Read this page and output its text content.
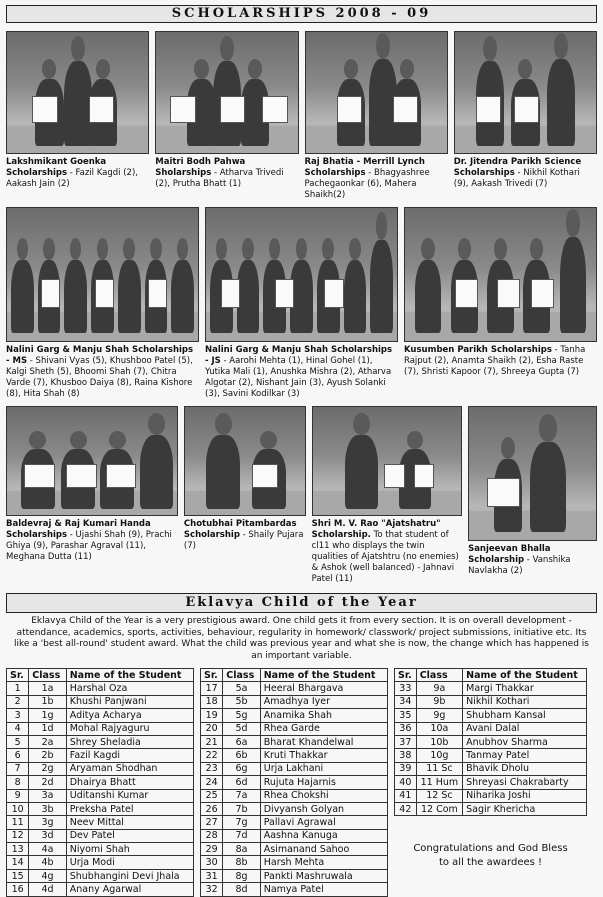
SCHOLARSHIPS 2008 - 09
Lakshmikant Goenka Scholarships - Fazil Kagdi (2), Aakash Jain (2)
Maitri Bodh Pahwa Sholarships - Atharva Trivedi (2), Prutha Bhatt (1)
Raj Bhatia - Merrill Lynch Scholarships - Bhagyashree Pachegaonkar (6), Mahera Shaikh(2)
Dr. Jitendra Parikh Science Scholarships - Nikhil Kothari (9), Aakash Trivedi (7)
Nalini Garg & Manju Shah Scholarships - MS - Shivani Vyas (5), Khushboo Patel (5), Kalgi Sheth (5), Bhoomi Shah (7), Chitra Varde (7), Khusboo Daiya (8), Raina Kishore (8), Hita Shah (8)
Nalini Garg & Manju Shah Scholarships - JS - Aarohi Mehta (1), Hinal Gohel (1), Yutika Mali (1), Anushka Mishra (2), Atharva Algotar (2), Nishant Jain (3), Ayush Solanki (3), Savini Kodilkar (3)
Kusumben Parikh Scholarships - Tanha Rajput (2), Anamta Shaikh (2), Esha Raste (7), Shristi Kapoor (7), Shreeya Gupta (7)
Baldevraj & Raj Kumari Handa Scholarships - Ujashi Shah (9), Prachi Ghiya (9), Parashar Agraval (11), Meghana Dutta (11)
Chotubhai Pitambardas Scholarship - Shaily Pujara (7)
Shri M. V. Rao "Ajatshatru" Scholarship. To that student of cl11 who displays the twin qualities of Ajatshtru (no enemies) & Ashok (well balanced) - Jahnavi Patel (11)
Sanjeevan Bhalla Scholarship - Vanshika Navlakha (2)
Eklavya Child of the Year
Eklavya Child of the Year is a very prestigious award. One child gets it from every section. It is on overall development - attendance, academics, sports, activities, behaviour, regularity in homework/ classwork/ project submissions, initiative etc. Its like a 'best all-round' student award. What the child was previous year and what she is now, the change which has happened is an important variable.
Sr.	Class	Name of the Student
1	1a	Harshal Oza
2	1b	Khushi Panjwani
3	1g	Aditya Acharya
4	1d	Mohal Rajyaguru
5	2a	Shrey Sheladia
6	2b	Fazil Kagdi
7	2g	Aryaman Shodhan
8	2d	Dhairya Bhatt
9	3a	Uditanshi Kumar
10	3b	Preksha Patel
11	3g	Neev Mittal
12	3d	Dev Patel
13	4a	Niyomi Shah
14	4b	Urja Modi
15	4g	Shubhangini Devi Jhala
16	4d	Anany Agarwal
Sr.	Class	Name of the Student
17	5a	Heeral Bhargava
18	5b	Amadhya Iyer
19	5g	Anamika Shah
20	5d	Rhea Garde
21	6a	Bharat Khandelwal
22	6b	Kruti Thakkar
23	6g	Urja Lakhani
24	6d	Rujuta Hajarnis
25	7a	Rhea Chokshi
26	7b	Divyansh Golyan
27	7g	Pallavi Agrawal
28	7d	Aashna Kanuga
29	8a	Asimanand Sahoo
30	8b	Harsh Mehta
31	8g	Pankti Mashruwala
32	8d	Namya Patel
Sr.	Class	Name of the Student
33	9a	Margi Thakkar
34	9b	Nikhil Kothari
35	9g	Shubham Kansal
36	10a	Avani Dalal
37	10b	Anubhov Sharma
38	10g	Tanmay Patel
39	11 Sc	Bhavik Dholu
40	11 Hum	Shreyasi Chakrabarty
41	12 Sc	Niharika Joshi
42	12 Com	Sagir Khericha
Congratulations and God Bless
to all the awardees !
